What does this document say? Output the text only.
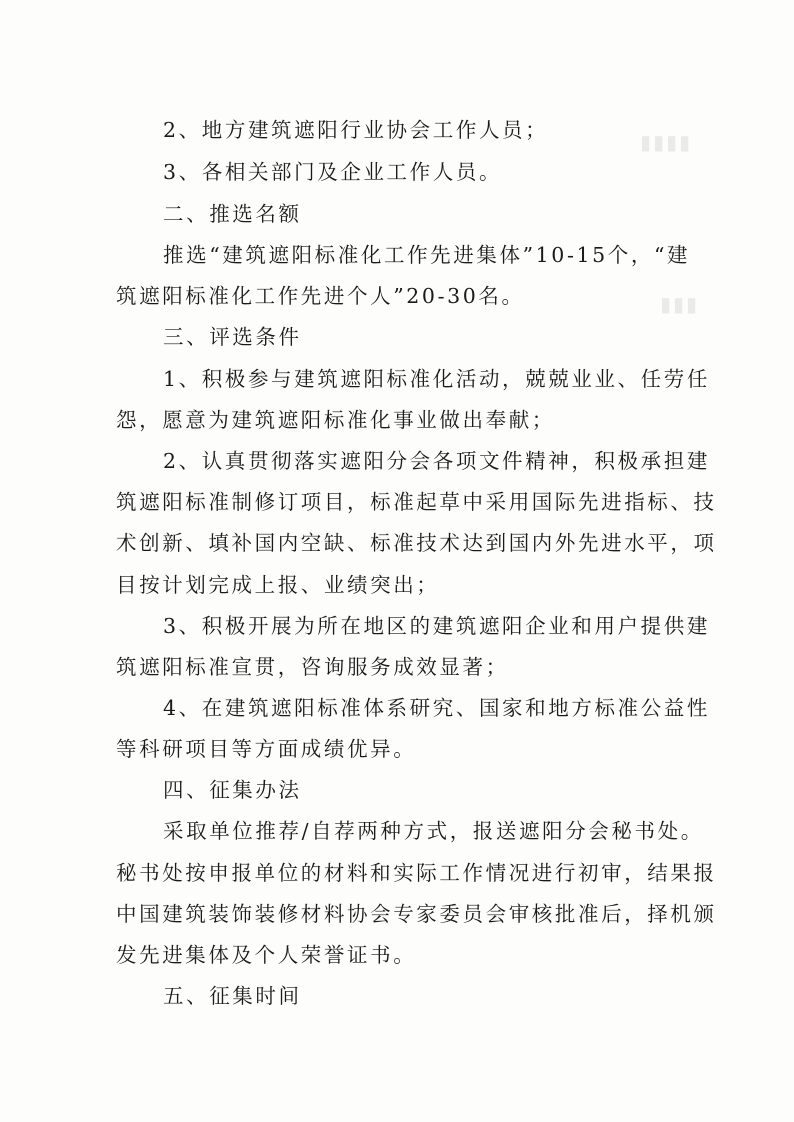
▮▮▮▮
▮▮▮
2、地方建筑遮阳行业协会工作人员；
3、各相关部门及企业工作人员。
二、推选名额
推选“建筑遮阳标准化工作先进集体”10-15个，“建
筑遮阳标准化工作先进个人”20-30名。
三、评选条件
1、积极参与建筑遮阳标准化活动，兢兢业业、任劳任
怨，愿意为建筑遮阳标准化事业做出奉献；
2、认真贯彻落实遮阳分会各项文件精神，积极承担建
筑遮阳标准制修订项目，标准起草中采用国际先进指标、技
术创新、填补国内空缺、标准技术达到国内外先进水平，项
目按计划完成上报、业绩突出；
3、积极开展为所在地区的建筑遮阳企业和用户提供建
筑遮阳标准宣贯，咨询服务成效显著；
4、在建筑遮阳标准体系研究、国家和地方标准公益性
等科研项目等方面成绩优异。
四、征集办法
采取单位推荐/自荐两种方式，报送遮阳分会秘书处。
秘书处按申报单位的材料和实际工作情况进行初审，结果报
中国建筑装饰装修材料协会专家委员会审核批准后，择机颁
发先进集体及个人荣誉证书。
五、征集时间
